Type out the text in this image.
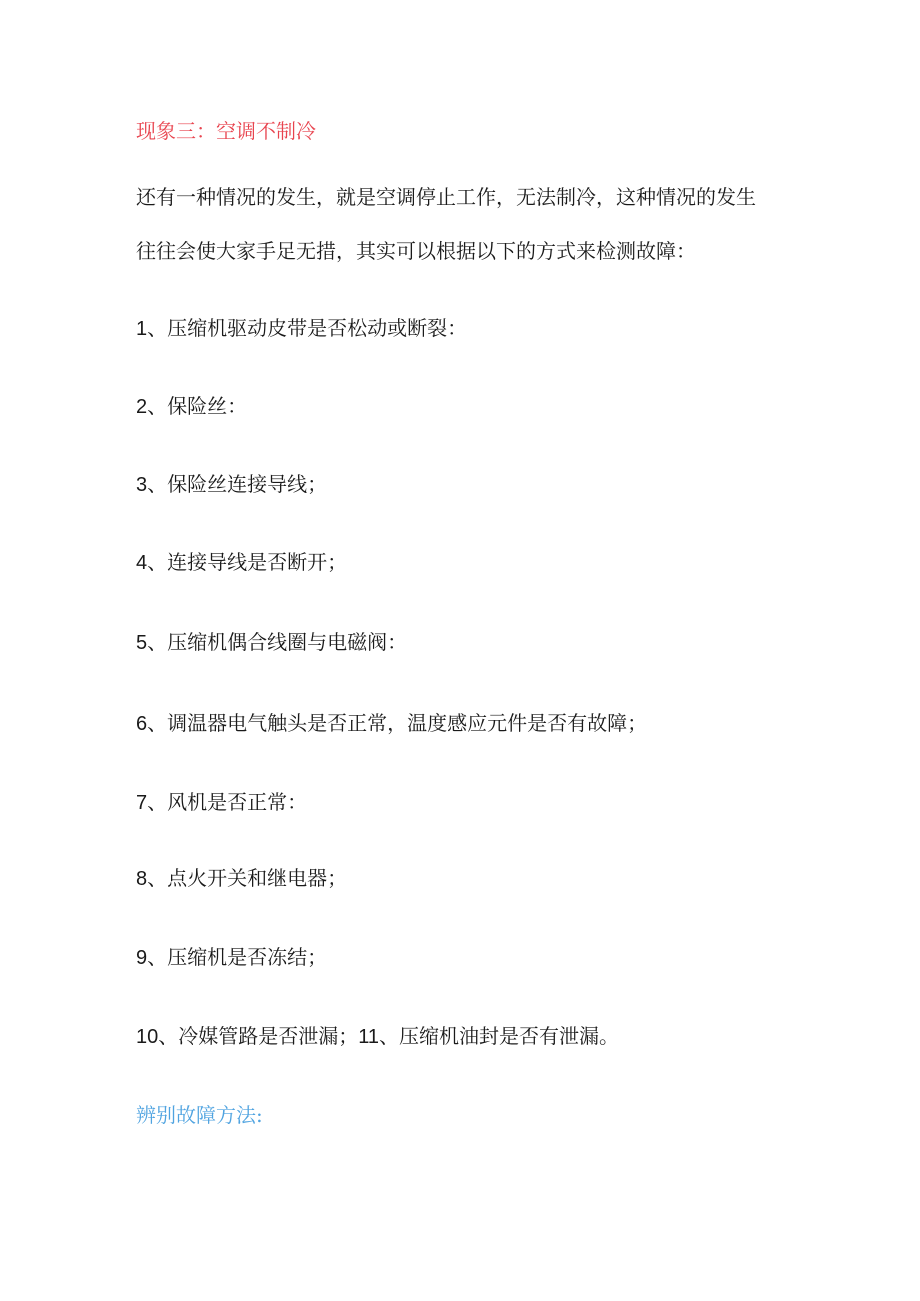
现象三：空调不制冷
还有一种情况的发生，就是空调停止工作，无法制冷，这种情况的发生
往往会使大家手足无措，其实可以根据以下的方式来检测故障：
1、压缩机驱动皮带是否松动或断裂：
2、保险丝：
3、保险丝连接导线；
4、连接导线是否断开；
5、压缩机偶合线圈与电磁阀：
6、调温器电气触头是否正常，温度感应元件是否有故障；
7、风机是否正常：
8、点火开关和继电器；
9、压缩机是否冻结；
10、冷媒管路是否泄漏；11、压缩机油封是否有泄漏。
辨别故障方法:
